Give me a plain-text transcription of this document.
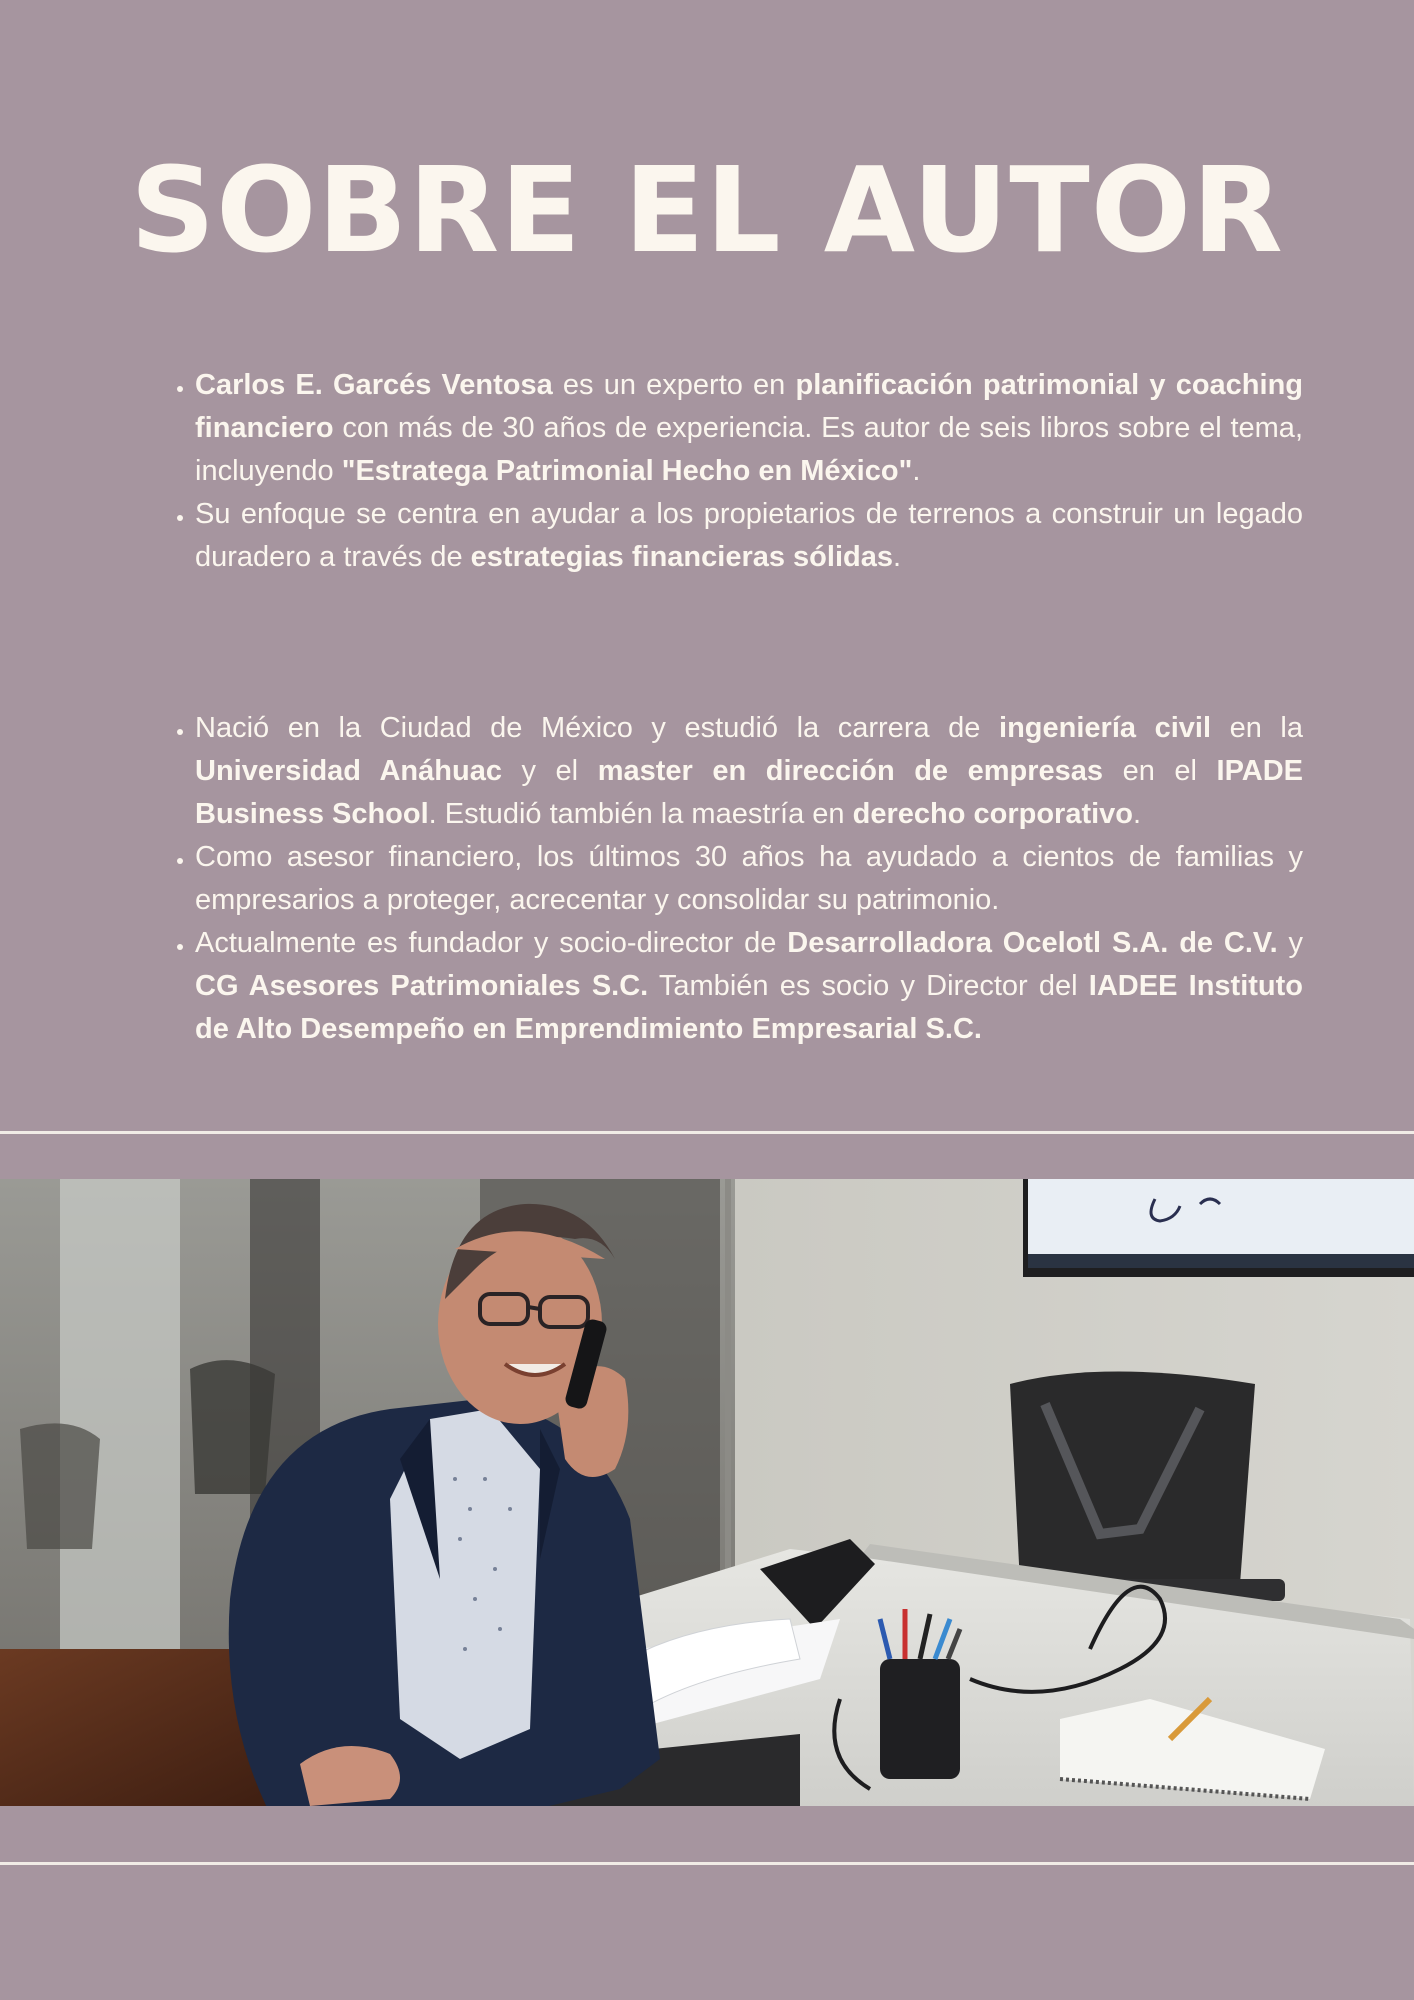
SOBRE EL AUTOR
• Carlos E. Garcés Ventosa es un experto en planificación patrimonial y coaching financiero con más de 30 años de experiencia. Es autor de seis libros sobre el tema, incluyendo "Estratega Patrimonial Hecho en México".
• Su enfoque se centra en ayudar a los propietarios de terrenos a construir un legado duradero a través de estrategias financieras sólidas.
• Nació en la Ciudad de México y estudió la carrera de ingeniería civil en la Universidad Anáhuac y el master en dirección de empresas en el IPADE Business School. Estudió también la maestría en derecho corporativo.
• Como asesor financiero, los últimos 30 años ha ayudado a cientos de familias y empresarios a proteger, acrecentar y consolidar su patrimonio.
• Actualmente es fundador y socio-director de Desarrolladora Ocelotl S.A. de C.V. y CG Asesores Patrimoniales S.C. También es socio y Director del IADEE Instituto de Alto Desempeño en Emprendimiento Empresarial S.C.
